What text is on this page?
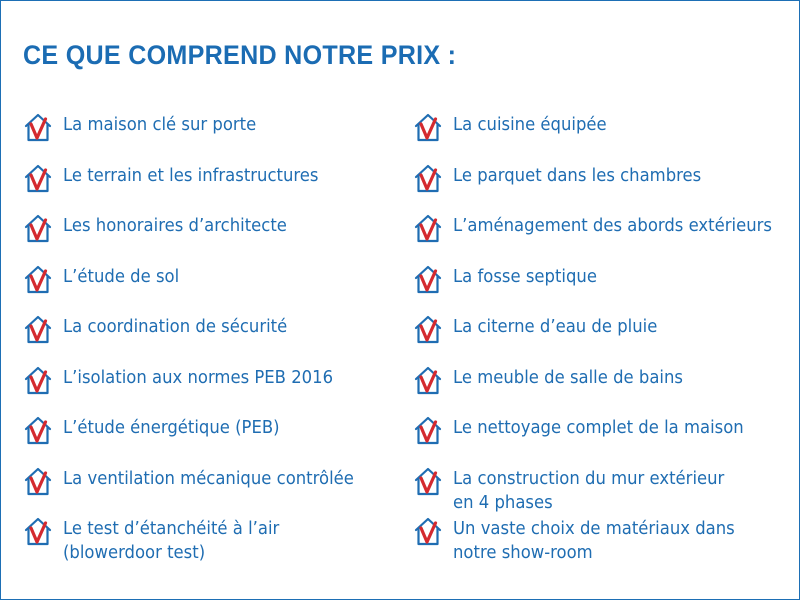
CE QUE COMPREND NOTRE PRIX :
La maison clé sur porte
Le terrain et les infrastructures
Les honoraires d’architecte
L’étude de sol
La coordination de sécurité
L’isolation aux normes PEB 2016
L’étude énergétique (PEB)
La ventilation mécanique contrôlée
Le test d’étanchéité à l’air
(blowerdoor test)
La cuisine équipée
Le parquet dans les chambres
L’aménagement des abords extérieurs
La fosse septique
La citerne d’eau de pluie
Le meuble de salle de bains
Le nettoyage complet de la maison
La construction du mur extérieur
en 4 phases
Un vaste choix de matériaux dans
notre show-room
